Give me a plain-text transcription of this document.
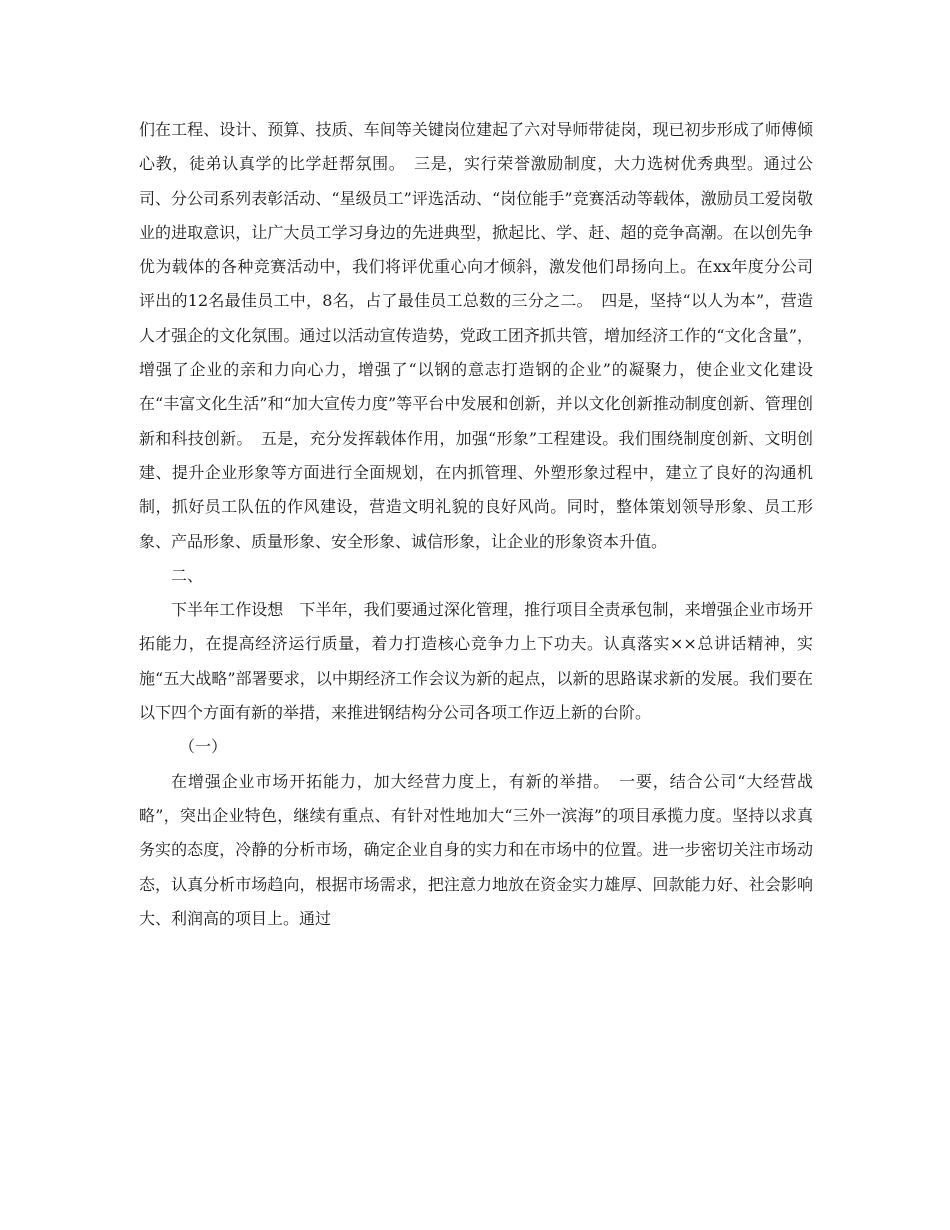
们在工程、设计、预算、技质、车间等关键岗位建起了六对导师带徒岗，现已初步形成了师傅倾心教，徒弟认真学的比学赶帮氛围。　三是，实行荣誉激励制度，大力选树优秀典型。通过公司、分公司系列表彰活动、“星级员工”评选活动、“岗位能手”竞赛活动等载体，激励员工爱岗敬业的进取意识，让广大员工学习身边的先进典型，掀起比、学、赶、超的竞争高潮。在以创先争优为载体的各种竞赛活动中，我们将评优重心向才倾斜，激发他们昂扬向上。在xx年度分公司评出的12名最佳员工中，8名，占了最佳员工总数的三分之二。　四是，坚持“以人为本”，营造人才强企的文化氛围。通过以活动宣传造势，党政工团齐抓共管，增加经济工作的“文化含量”，增强了企业的亲和力向心力，增强了“以钢的意志打造钢的企业”的凝聚力，使企业文化建设在“丰富文化生活”和“加大宣传力度”等平台中发展和创新，并以文化创新推动制度创新、管理创新和科技创新。　五是，充分发挥载体作用，加强“形象”工程建设。我们围绕制度创新、文明创建、提升企业形象等方面进行全面规划，在内抓管理、外塑形象过程中，建立了良好的沟通机制，抓好员工队伍的作风建设，营造文明礼貌的良好风尚。同时，整体策划领导形象、员工形象、产品形象、质量形象、安全形象、诚信形象，让企业的形象资本升值。

二、

下半年工作设想　下半年，我们要通过深化管理，推行项目全责承包制，来增强企业市场开拓能力，在提高经济运行质量，着力打造核心竞争力上下功夫。认真落实××总讲话精神，实施“五大战略”部署要求，以中期经济工作会议为新的起点，以新的思路谋求新的发展。我们要在以下四个方面有新的举措，来推进钢结构分公司各项工作迈上新的台阶。

（一）

在增强企业市场开拓能力，加大经营力度上，有新的举措。　一要，结合公司“大经营战略”，突出企业特色，继续有重点、有针对性地加大“三外一滨海”的项目承揽力度。坚持以求真务实的态度，冷静的分析市场，确定企业自身的实力和在市场中的位置。进一步密切关注市场动态，认真分析市场趋向，根据市场需求，把注意力地放在资金实力雄厚、回款能力好、社会影响大、利润高的项目上。通过
